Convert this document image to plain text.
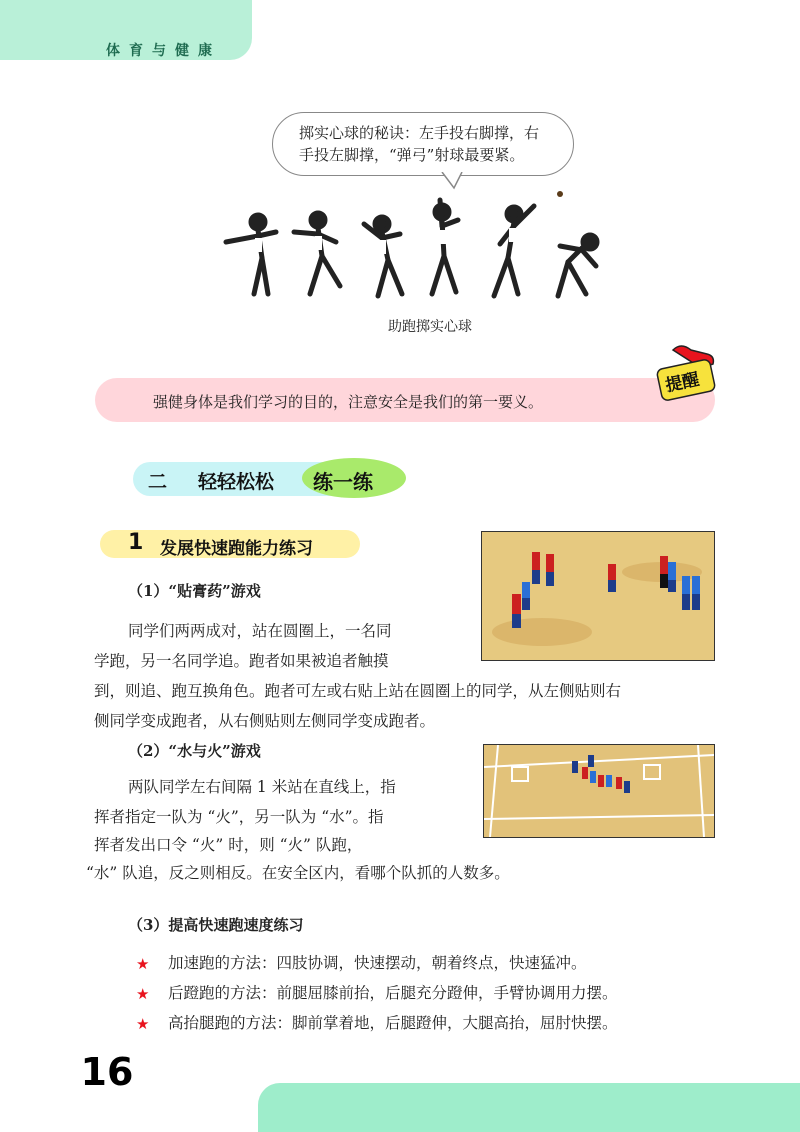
体育与健康
掷实心球的秘诀：左手投右脚撑，右
手投左脚撑，“弹弓”射球最要紧。
助跑掷实心球
强健身体是我们学习的目的，注意安全是我们的第一要义。
提醒
二 轻轻松松 练一练
1 发展快速跑能力练习
（1）“贴膏药”游戏
同学们两两成对，站在圆圈上，一名同
学跑，另一名同学追。跑者如果被追者触摸
到，则追、跑互换角色。跑者可左或右贴上站在圆圈上的同学，从左侧贴则右
侧同学变成跑者，从右侧贴则左侧同学变成跑者。
（2）“水与火”游戏
两队同学左右间隔 1 米站在直线上，指
挥者指定一队为 “火”，另一队为 “水”。指
挥者发出口令 “火” 时，则 “火” 队跑，
“水” 队追，反之则相反。在安全区内，看哪个队抓的人数多。
（3）提高快速跑速度练习
★ 加速跑的方法：四肢协调，快速摆动，朝着终点，快速猛冲。
★ 后蹬跑的方法：前腿屈膝前抬，后腿充分蹬伸，手臂协调用力摆。
★ 高抬腿跑的方法：脚前掌着地，后腿蹬伸，大腿高抬，屈肘快摆。
16
